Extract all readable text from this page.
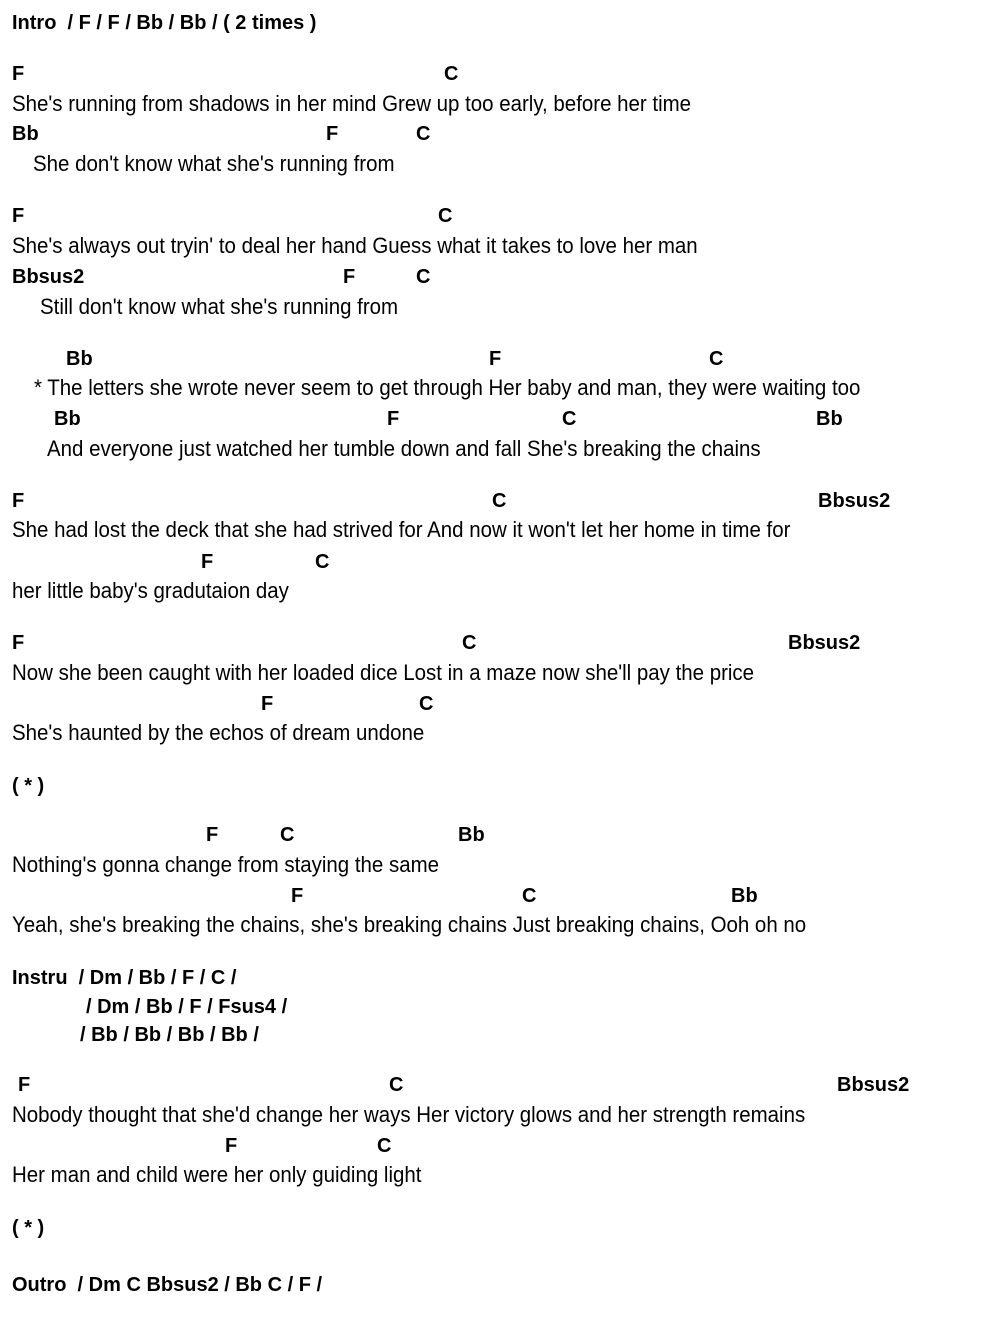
Intro  / F / F / Bb / Bb / ( 2 times )
F	C
She's running from shadows in her mind Grew up too early, before her time
Bb	F	C
She don't know what she's running from
F	C
She's always out tryin' to deal her hand Guess what it takes to love her man
Bbsus2	F	C
Still don't know what she's running from
Bb	F	C
* The letters she wrote never seem to get through Her baby and man, they were waiting too
Bb	F	C	Bb
And everyone just watched her tumble down and fall She's breaking the chains
F	C	Bbsus2
She had lost the deck that she had strived for And now it won't let her home in time for
F	C
her little baby's gradutaion day
F	C	Bbsus2
Now she been caught with her loaded dice Lost in a maze now she'll pay the price
F	C
She's haunted by the echos of dream undone
( * )
F	C	Bb
Nothing's gonna change from staying the same
F	C	Bb
Yeah, she's breaking the chains, she's breaking chains Just breaking chains, Ooh oh no
Instru  / Dm / Bb / F / C /
/ Dm / Bb / F / Fsus4 /
/ Bb / Bb / Bb / Bb /
F	C	Bbsus2
Nobody thought that she'd change her ways Her victory glows and her strength remains
F	C
Her man and child were her only guiding light
( * )
Outro  / Dm C Bbsus2 / Bb C / F /
